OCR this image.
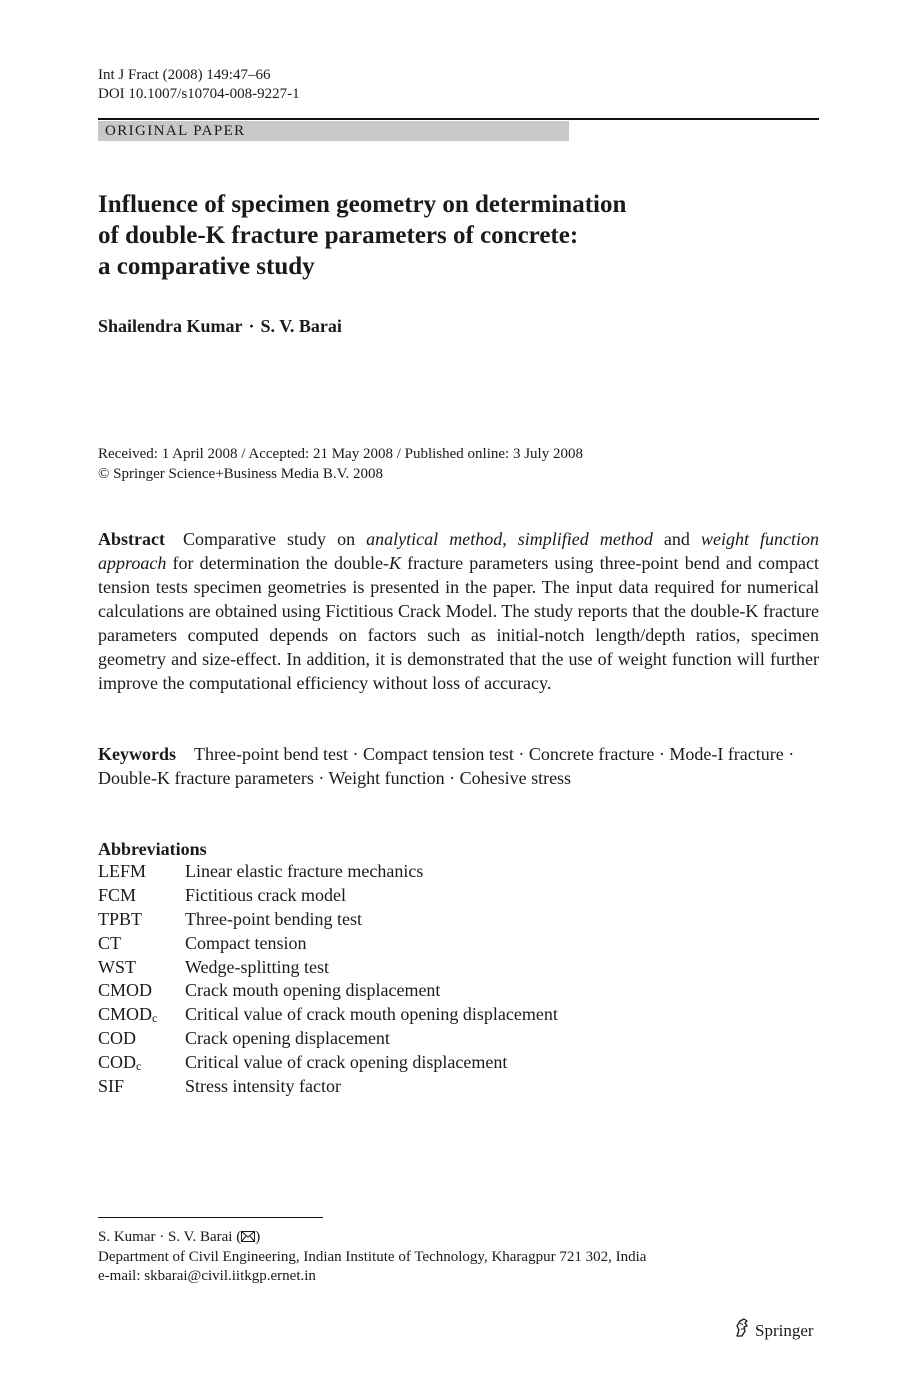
Int J Fract (2008) 149:47–66
DOI 10.1007/s10704-008-9227-1
ORIGINAL PAPER
Influence of specimen geometry on determination
of double-K fracture parameters of concrete:
a comparative study
Shailendra Kumar · S. V. Barai
Received: 1 April 2008 / Accepted: 21 May 2008 / Published online: 3 July 2008
© Springer Science+Business Media B.V. 2008
Abstract Comparative study on analytical method, simplified method and weight function approach for determination the double-K fracture parameters using three-point bend and compact tension tests specimen geometries is presented in the paper. The input data required for numerical calculations are obtained using Fictitious Crack Model. The study reports that the double-K fracture parameters computed depends on factors such as initial-notch length/depth ratios, specimen geometry and size-effect. In addition, it is demonstrated that the use of weight function will further improve the computational efficiency without loss of accuracy.
Keywords Three-point bend test · Compact tension test · Concrete fracture · Mode-I fracture · Double-K fracture parameters · Weight function · Cohesive stress
Abbreviations
LEFM	Linear elastic fracture mechanics
FCM	Fictitious crack model
TPBT	Three-point bending test
CT	Compact tension
WST	Wedge-splitting test
CMOD	Crack mouth opening displacement
$CMOD_c$	Critical value of crack mouth opening displacement
COD	Crack opening displacement
$COD_c$	Critical value of crack opening displacement
SIF	Stress intensity factor
S. Kumar · S. V. Barai ( )
Department of Civil Engineering, Indian Institute of Technology, Kharagpur 721 302, India
e-mail: skbarai@civil.iitkgp.ernet.in
Springer
